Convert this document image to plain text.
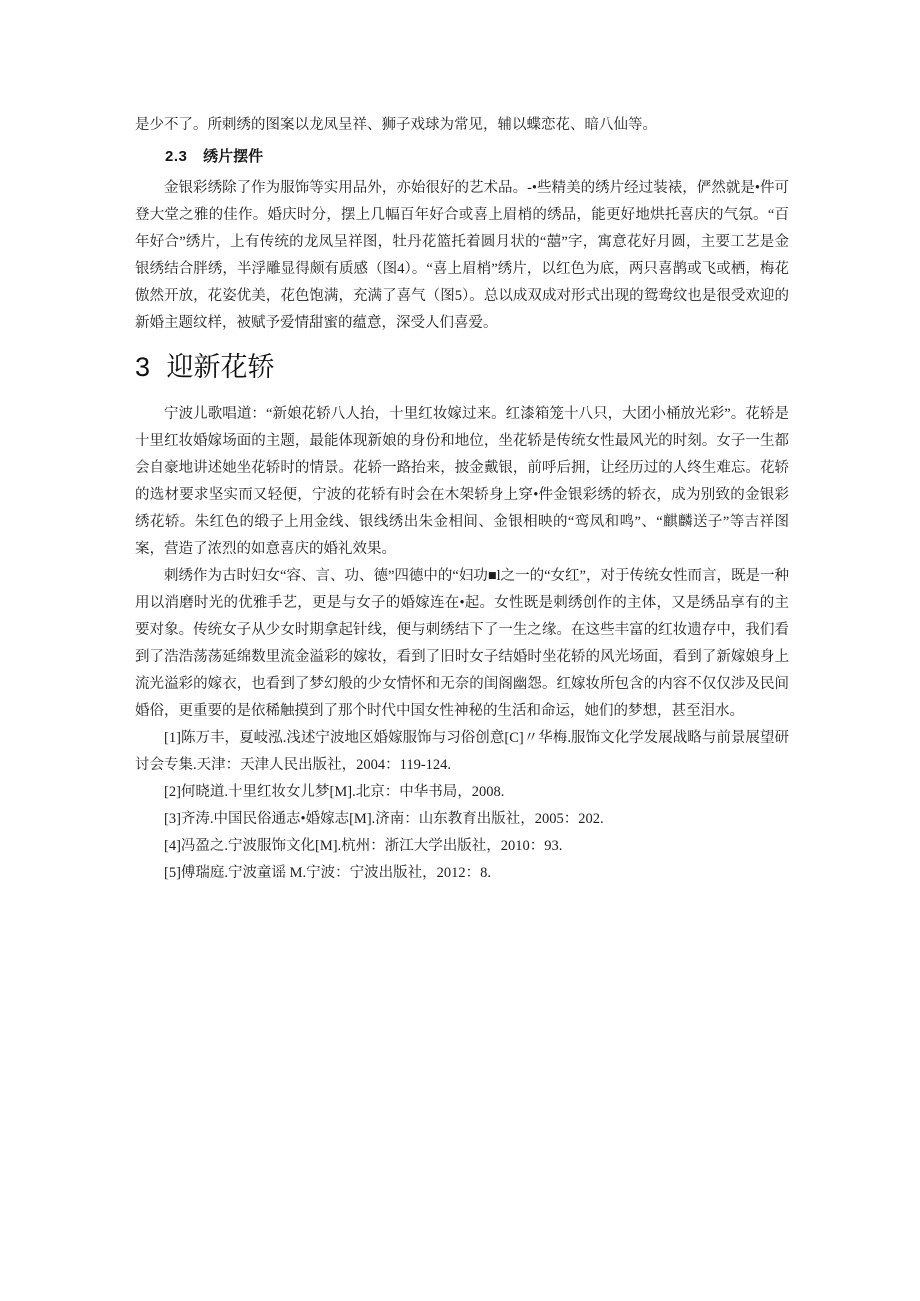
是少不了。所刺绣的图案以龙凤呈祥、狮子戏球为常见，辅以蝶恋花、暗八仙等。

2.3 绣片摆件

金银彩绣除了作为服饰等实用品外，亦始很好的艺术品。-•些精美的绣片经过装裱，俨然就是•件可登大堂之雅的佳作。婚庆时分，摆上几幅百年好合或喜上眉梢的绣品，能更好地烘托喜庆的气氛。“百年好合”绣片，上有传统的龙凤呈祥图，牡丹花篮托着圆月状的“囍”字，寓意花好月圆，主要工艺是金银绣结合胖绣，半浮雕显得颇有质感（图4）。“喜上眉梢”绣片，以红色为底，两只喜鹊或飞或栖，梅花傲然开放，花姿优美，花色饱满，充满了喜气（图5）。总以成双成对形式出现的鸳鸯纹也是很受欢迎的新婚主题纹样，被赋予爱情甜蜜的蕴意，深受人们喜爱。

3 迎新花轿

宁波儿歌唱道：“新娘花轿八人抬，十里红妆嫁过来。红漆箱笼十八只，大团小桶放光彩”。花轿是十里红妆婚嫁场面的主题，最能体现新娘的身份和地位，坐花轿是传统女性最风光的时刻。女子一生都会自豪地讲述她坐花轿时的情景。花轿一路抬来，披金戴银，前呼后拥，让经历过的人终生难忘。花轿的选材要求坚实而又轻便，宁波的花轿有时会在木架轿身上穿•件金银彩绣的轿衣，成为别致的金银彩绣花轿。朱红色的缎子上用金线、银线绣出朱金相间、金银相映的“鸾凤和鸣”、“麒麟送子”等吉祥图案，营造了浓烈的如意喜庆的婚礼效果。

刺绣作为古时妇女“容、言、功、德”四德中的“妇功■l之一的“女红”，对于传统女性而言，既是一种用以消磨时光的优雅手艺，更是与女子的婚嫁连在•起。女性既是刺绣创作的主体，又是绣品享有的主要对象。传统女子从少女时期拿起针线，便与刺绣结下了一生之缘。在这些丰富的红妆遗存中，我们看到了浩浩荡荡延绵数里流金溢彩的嫁妆，看到了旧时女子结婚时坐花轿的风光场面，看到了新嫁娘身上流光溢彩的嫁衣，也看到了梦幻般的少女情怀和无奈的闺阁幽怨。红嫁妆所包含的内容不仅仅涉及民间婚俗，更重要的是依稀触摸到了那个时代中国女性神秘的生活和命运，她们的梦想，甚至泪水。

[1]陈万丰，夏岐泓.浅述宁波地区婚嫁服饰与习俗创意[C]〃华梅.服饰文化学发展战略与前景展望研讨会专集.天津：天津人民出版社，2004：119-124.

[2]何晓道.十里红妆女儿梦[M].北京：中华书局，2008.

[3]齐涛.中国民俗通志•婚嫁志[M].济南：山东教育出版社，2005：202.

[4]冯盈之.宁波服饰文化[M].杭州：浙江大学出版社，2010：93.

[5]傅瑞庭.宁波童谣 M.宁波：宁波出版社，2012：8.
